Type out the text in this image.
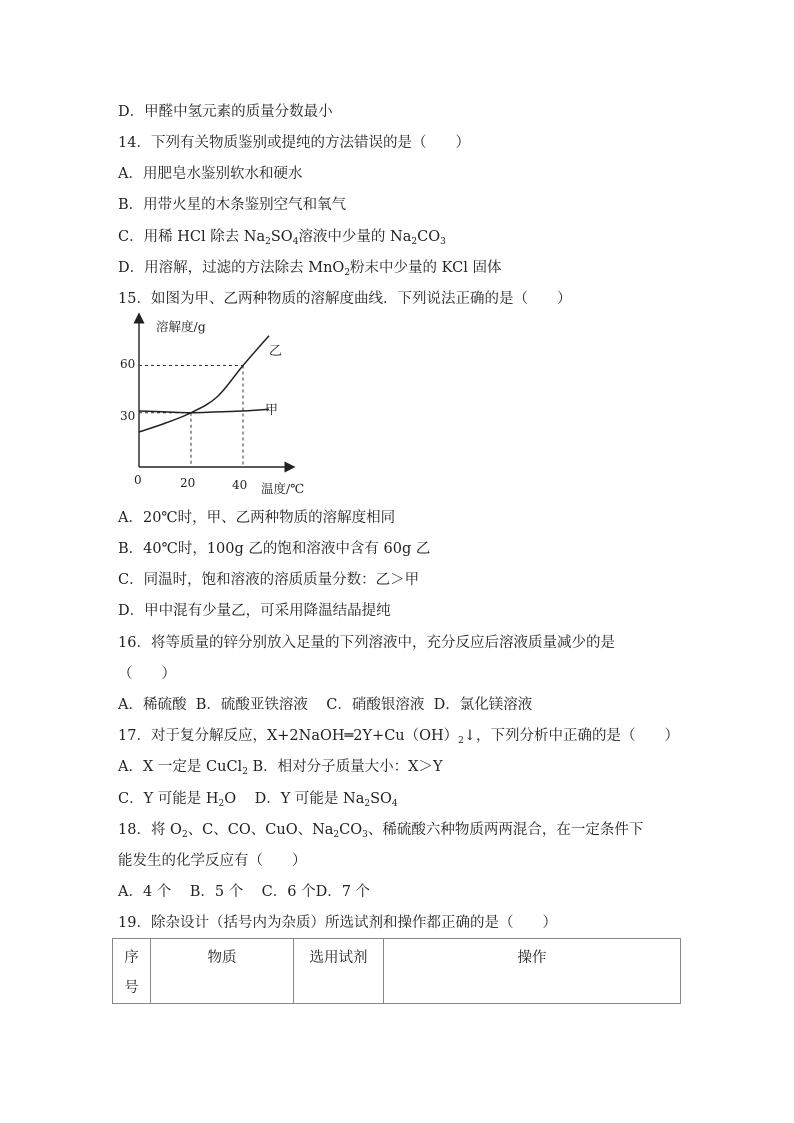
D．甲醛中氢元素的质量分数最小
14．下列有关物质鉴别或提纯的方法错误的是（　　）
A．用肥皂水鉴别软水和硬水
B．用带火星的木条鉴别空气和氧气
C．用稀 HCl 除去 $Na_2SO_4$溶液中少量的 $Na_2CO_3$
D．用溶解，过滤的方法除去 MnO$_2$粉末中少量的 KCl 固体
15．如图为甲、乙两种物质的溶解度曲线．下列说法正确的是（　　）
溶解度/g
温度/℃
0	20	40
60
30
乙
甲
A．20℃时，甲、乙两种物质的溶解度相同
B．40℃时，100g 乙的饱和溶液中含有 60g 乙
C．同温时，饱和溶液的溶质质量分数：乙＞甲
D．甲中混有少量乙，可采用降温结晶提纯
16．将等质量的锌分别放入足量的下列溶液中，充分反应后溶液质量减少的是
（　　）
A．稀硫酸  B．硫酸亚铁溶液    C．硝酸银溶液  D．氯化镁溶液
17．对于复分解反应，$X+2NaOH═2Y+Cu(OH)_2↓$，下列分析中正确的是（　　）
A．X 一定是 CuCl$_2$ B．相对分子质量大小：X＞Y
C．Y 可能是 $H_2O$    D．Y 可能是 $Na_2SO_4$
18．将 $O_2$、C、CO、CuO、$Na_2CO_3$、稀硫酸六种物质两两混合，在一定条件下
能发生的化学反应有（　　）
A．4 个    B．5 个    C．6 个D．7 个
19．除杂设计（括号内为杂质）所选试剂和操作都正确的是（　　）
序号	物质	选用试剂	操作
